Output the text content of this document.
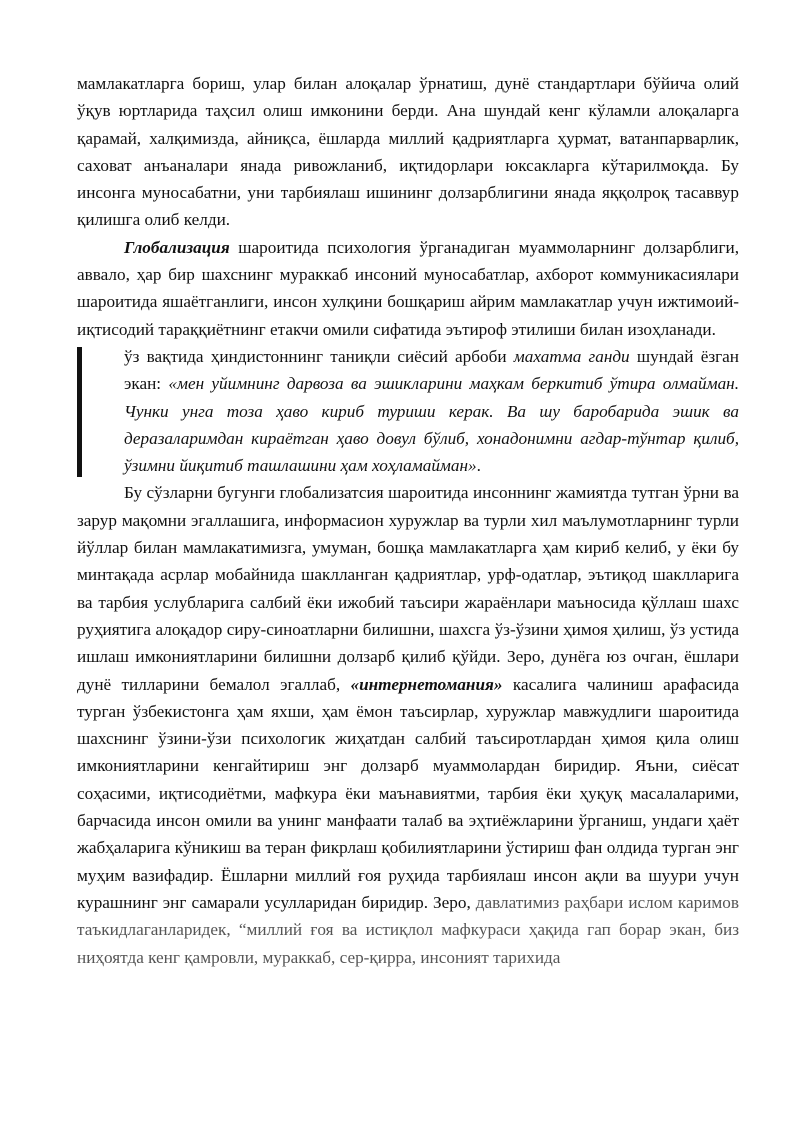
мамлакатларга бориш, улар билан алоқалар ўрнатиш, дунё стандартлари бўйича олий ўқув юртларида таҳсил олиш имконини берди. Ана шундай кенг кўламли алоқаларга қарамай, халқимизда, айниқса, ёшларда миллий қадриятларга ҳурмат, ватанпарварлик, саховат анъаналари янада ривожланиб, иқтидорлари юксакларга кўтарилмоқда. Бу инсонга муносабатни, уни тарбиялаш ишининг долзарблигини янада яққолроқ тасаввур қилишга олиб келди.

Глобализация шароитида психология ўрганадиган муаммоларнинг долзарблиги, аввало, ҳар бир шахснинг мураккаб инсоний муносабатлар, ахборот коммуникасиялари шароитида яшаётганлиги, инсон хулқини бошқариш айрим мамлакатлар учун ижтимоий-иқтисодий тараққиётнинг етакчи омили сифатида эътироф этилиши билан изоҳланади.

ўз вақтида ҳиндистоннинг таниқли сиёсий арбоби махатма ганди шундай ёзган экан: «мен уйимнинг дарвоза ва эшикларини маҳкам беркитиб ўтира олмайман. Чунки унга тоза ҳаво кириб туриши керак. Ва шу баробарида эшик ва деразаларимдан кираётган ҳаво довул бўлиб, хонадонимни агдар-тўнтар қилиб, ўзимни йиқитиб ташлашини ҳам хоҳламайман».

Бу сўзларни бугунги глобализатсия шароитида инсоннинг жамиятда тутган ўрни ва зарур мақомни эгаллашига, информасион хуружлар ва турли хил маълумотларнинг турли йўллар билан мамлакатимизга, умуман, бошқа мамлакатларга ҳам кириб келиб, у ёки бу минтақада асрлар мобайнида шаклланган қадриятлар, урф-одатлар, эътиқод шаклларига ва тарбия услубларига салбий ёки ижобий таъсири жараёнлари маъносида қўллаш шахс руҳиятига алоқадор сиру-синоатларни билишни, шахсга ўз-ўзини ҳимоя ҳилиш, ўз устида ишлаш имкониятларини билишни долзарб қилиб қўйди. Зеро, дунёга юз очган, ёшлари дунё тилларини бемалол эгаллаб, «интернетомания» касалига чалиниш арафасида турган ўзбекистонга ҳам яхши, ҳам ёмон таъсирлар, хуружлар мавжудлиги шароитида шахснинг ўзини-ўзи психологик жиҳатдан салбий таъсиротлардан ҳимоя қила олиш имкониятларини кенгайтириш энг долзарб муаммолардан биридир. Яъни, сиёсат соҳасими, иқтисодиётми, мафкура ёки маънавиятми, тарбия ёки ҳуқуқ масалаларими, барчасида инсон омили ва унинг манфаати талаб ва эҳтиёжларини ўрганиш, ундаги ҳаёт жабҳаларига кўникиш ва теран фикрлаш қобилиятларини ўстириш фан олдида турган энг муҳим вазифадир. Ёшларни миллий ғоя руҳида тарбиялаш инсон ақли ва шуури учун курашнинг энг самарали усулларидан биридир. Зеро, давлатимиз раҳбари ислом каримов таъкидлаганларидек, “миллий ғоя ва истиқлол мафкураси ҳақида гап борар экан, биз ниҳоятда кенг қамровли, мураккаб, сер-қирра, инсоният тарихида
